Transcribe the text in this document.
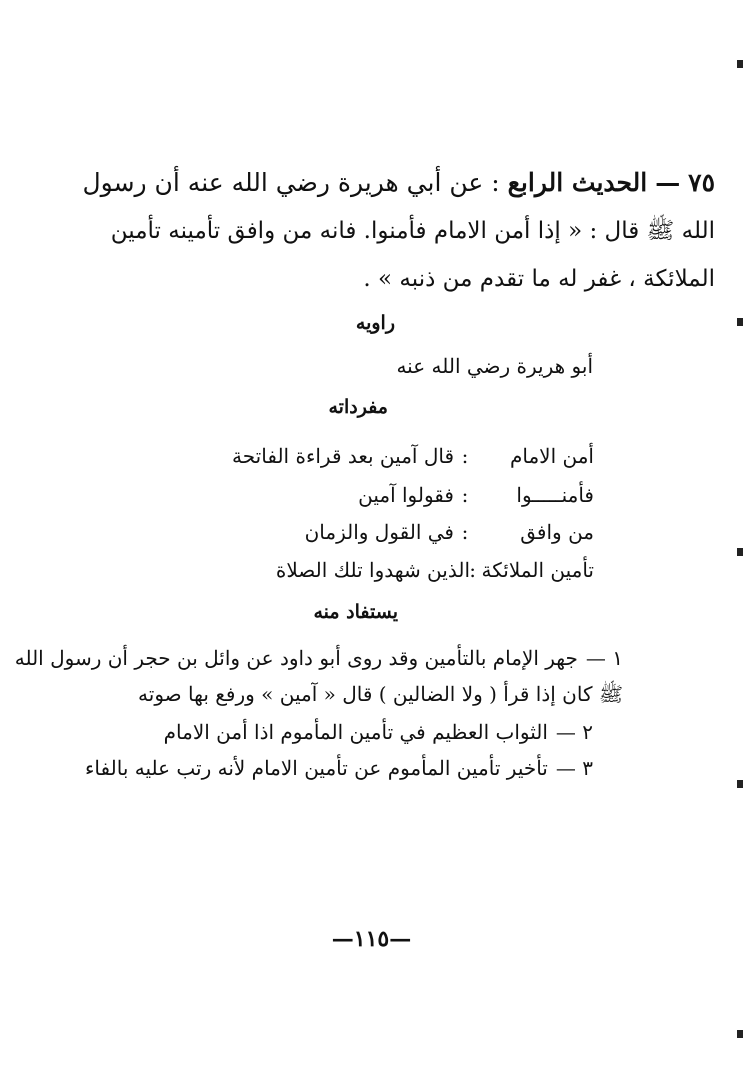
٧٥ — الحديث الرابع : عن أبي هريرة رضي الله عنه أن رسول
الله ﷺ قال : « إذا أمن الامام فأمنوا. فانه من وافق تأمينه تأمين
الملائكة ، غفر له ما تقدم من ذنبه » .
راويه
أبو هريرة رضي الله عنه
مفرداته
أمن الامام:قال آمين بعد قراءة الفاتحة
فأمنـــــوا:فقولوا آمين
من وافق:في القول والزمان
تأمين الملائكة:الذين شهدوا تلك الصلاة
يستفاد منه
١ —جهر الإمام بالتأمين وقد روى أبو داود عن وائل بن حجر أن رسول الله
ﷺ كان إذا قرأ ( ولا الضالين ) قال « آمين » ورفع بها صوته
٢ —الثواب العظيم في تأمين المأموم اذا أمن الامام
٣ —تأخير تأمين المأموم عن تأمين الامام لأنه رتب عليه بالفاء
—١١٥—
